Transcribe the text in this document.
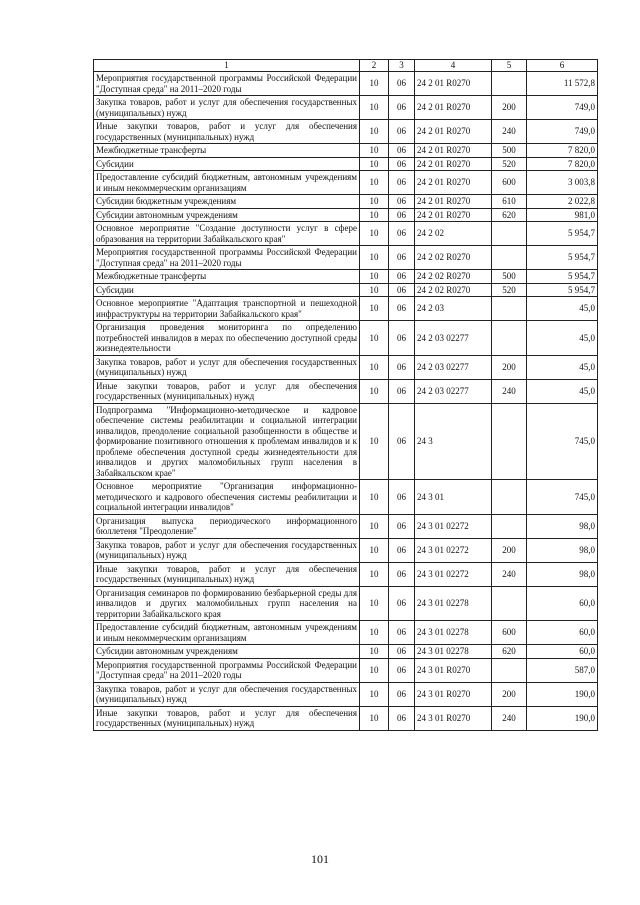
1	2	3	4	5	6
Мероприятия государственной программы Российской Федерации "Доступная среда" на 2011–2020 годы	10	06	24 2 01 R0270		11 572,8
Закупка товаров, работ и услуг для обеспечения государственных (муниципальных) нужд	10	06	24 2 01 R0270	200	749,0
Иные закупки товаров, работ и услуг для обеспечения государственных (муниципальных) нужд	10	06	24 2 01 R0270	240	749,0
Межбюджетные трансферты	10	06	24 2 01 R0270	500	7 820,0
Субсидии	10	06	24 2 01 R0270	520	7 820,0
Предоставление субсидий бюджетным, автономным учреждениям и иным некоммерческим организациям	10	06	24 2 01 R0270	600	3 003,8
Субсидии бюджетным учреждениям	10	06	24 2 01 R0270	610	2 022,8
Субсидии автономным учреждениям	10	06	24 2 01 R0270	620	981,0
Основное мероприятие "Создание доступности услуг в сфере образования на территории Забайкальского края"	10	06	24 2 02		5 954,7
Мероприятия государственной программы Российской Федерации "Доступная среда" на 2011–2020 годы	10	06	24 2 02 R0270		5 954,7
Межбюджетные трансферты	10	06	24 2 02 R0270	500	5 954,7
Субсидии	10	06	24 2 02 R0270	520	5 954,7
Основное мероприятие "Адаптация транспортной и пешеходной инфраструктуры на территории Забайкальского края"	10	06	24 2 03		45,0
Организация проведения мониторинга по определению потребностей инвалидов в мерах по обеспечению доступной среды жизнедеятельности	10	06	24 2 03 02277		45,0
Закупка товаров, работ и услуг для обеспечения государственных (муниципальных) нужд	10	06	24 2 03 02277	200	45,0
Иные закупки товаров, работ и услуг для обеспечения государственных (муниципальных) нужд	10	06	24 2 03 02277	240	45,0
Подпрограмма "Информационно-методическое и кадровое обеспечение системы реабилитации и социальной интеграции инвалидов, преодоление социальной разобщенности в обществе и формирование позитивного отношения к проблемам инвалидов и к проблеме обеспечения доступной среды жизнедеятельности для инвалидов и других маломобильных групп населения в Забайкальском крае"	10	06	24 3		745,0
Основное мероприятие "Организация информационно-методического и кадрового обеспечения системы реабилитации и социальной интеграции инвалидов"	10	06	24 3 01		745,0
Организация выпуска периодического информационного бюллетеня "Преодоление"	10	06	24 3 01 02272		98,0
Закупка товаров, работ и услуг для обеспечения государственных (муниципальных) нужд	10	06	24 3 01 02272	200	98,0
Иные закупки товаров, работ и услуг для обеспечения государственных (муниципальных) нужд	10	06	24 3 01 02272	240	98,0
Организация семинаров по формированию безбарьерной среды для инвалидов и других маломобильных групп населения на территории Забайкальского края	10	06	24 3 01 02278		60,0
Предоставление субсидий бюджетным, автономным учреждениям и иным некоммерческим организациям	10	06	24 3 01 02278	600	60,0
Субсидии автономным учреждениям	10	06	24 3 01 02278	620	60,0
Мероприятия государственной программы Российской Федерации "Доступная среда" на 2011–2020 годы	10	06	24 3 01 R0270		587,0
Закупка товаров, работ и услуг для обеспечения государственных (муниципальных) нужд	10	06	24 3 01 R0270	200	190,0
Иные закупки товаров, работ и услуг для обеспечения государственных (муниципальных) нужд	10	06	24 3 01 R0270	240	190,0
101
